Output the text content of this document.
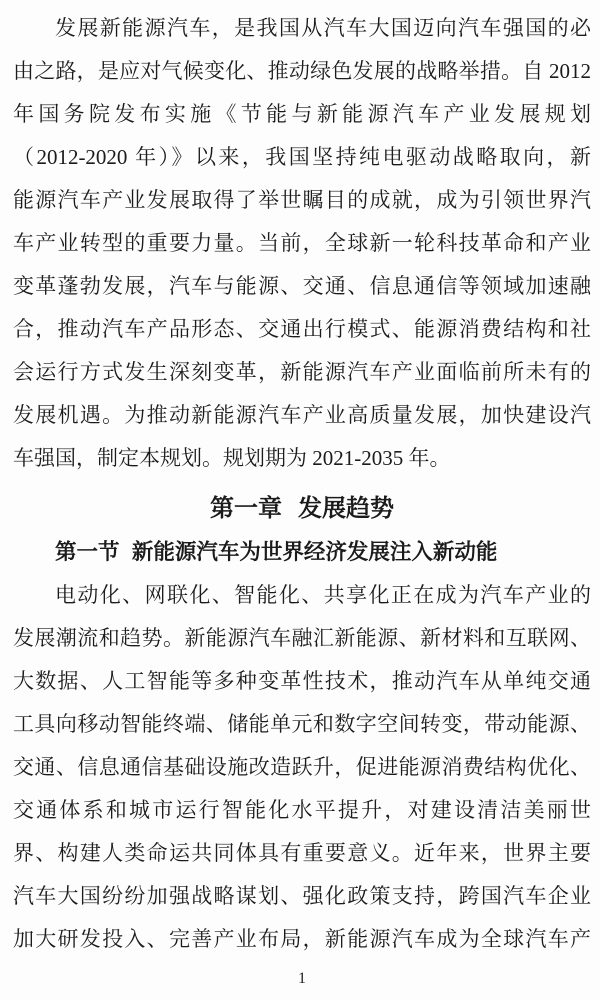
发展新能源汽车，是我国从汽车大国迈向汽车强国的必
由之路，是应对气候变化、推动绿色发展的战略举措。自 2012
年国务院发布实施《节能与新能源汽车产业发展规划
（2012-2020 年）》以来，我国坚持纯电驱动战略取向，新
能源汽车产业发展取得了举世瞩目的成就，成为引领世界汽
车产业转型的重要力量。当前，全球新一轮科技革命和产业
变革蓬勃发展，汽车与能源、交通、信息通信等领域加速融
合，推动汽车产品形态、交通出行模式、能源消费结构和社
会运行方式发生深刻变革，新能源汽车产业面临前所未有的
发展机遇。为推动新能源汽车产业高质量发展，加快建设汽
车强国，制定本规划。规划期为 2021-2035 年。
第一章 发展趋势
第一节 新能源汽车为世界经济发展注入新动能
电动化、网联化、智能化、共享化正在成为汽车产业的
发展潮流和趋势。新能源汽车融汇新能源、新材料和互联网、
大数据、人工智能等多种变革性技术，推动汽车从单纯交通
工具向移动智能终端、储能单元和数字空间转变，带动能源、
交通、信息通信基础设施改造跃升，促进能源消费结构优化、
交通体系和城市运行智能化水平提升，对建设清洁美丽世
界、构建人类命运共同体具有重要意义。近年来，世界主要
汽车大国纷纷加强战略谋划、强化政策支持，跨国汽车企业
加大研发投入、完善产业布局，新能源汽车成为全球汽车产
1
